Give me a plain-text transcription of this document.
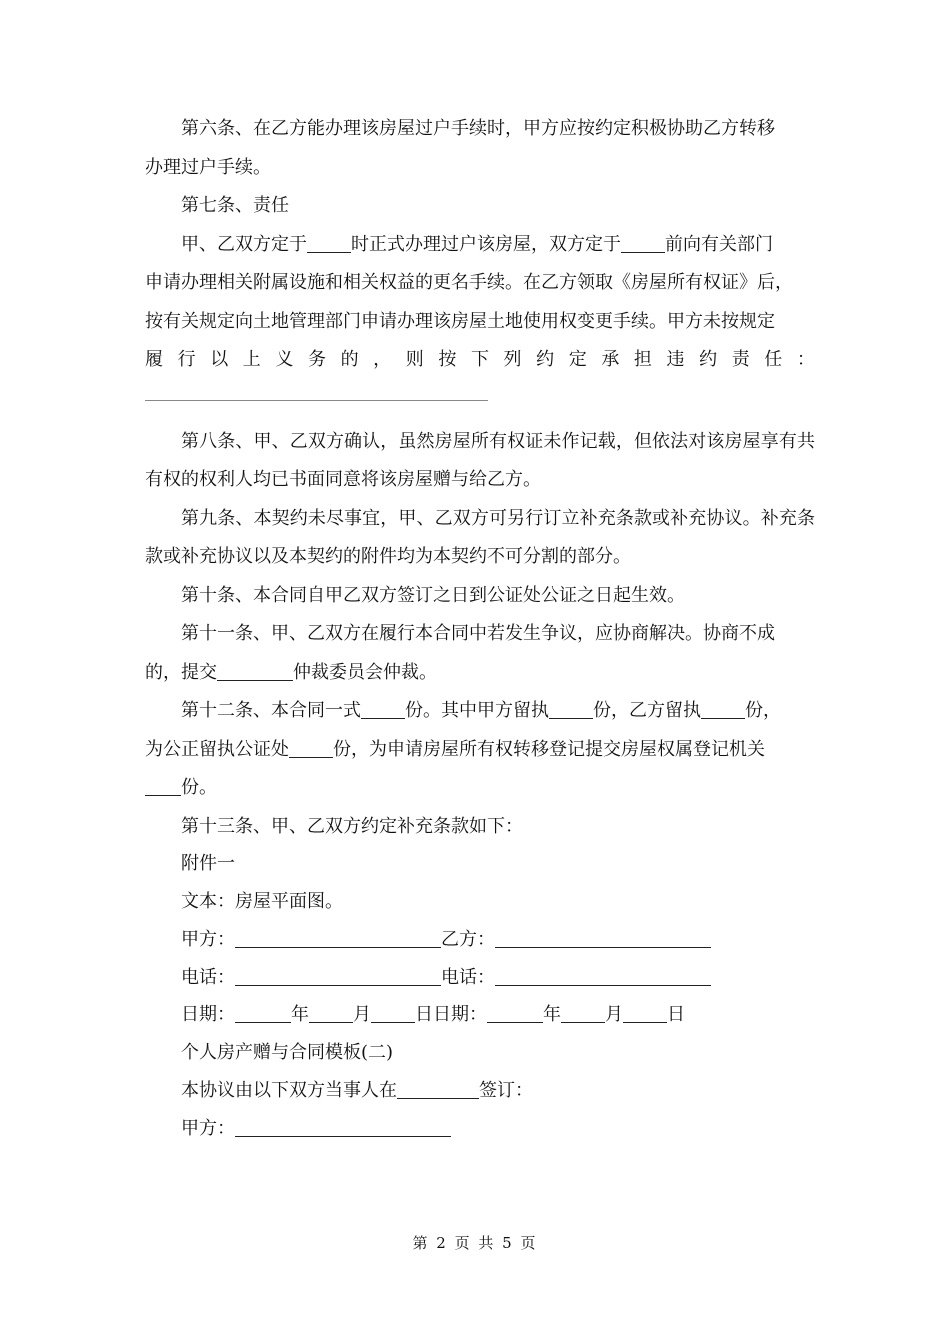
第六条、在乙方能办理该房屋过户手续时，甲方应按约定积极协助乙方转移

办理过户手续。

第七条、责任

甲、乙双方定于 时正式办理过户该房屋，双方定于 前向有关部门

申请办理相关附属设施和相关权益的更名手续。在乙方领取《房屋所有权证》后，

按有关规定向土地管理部门申请办理该房屋土地使用权变更手续。甲方未按规定

履 行 以 上 义 务 的 ， 则 按 下 列 约 定 承 担 违 约 责 任 ：

第八条、甲、乙双方确认，虽然房屋所有权证未作记载，但依法对该房屋享有共有权的权利人均已书面同意将该房屋赠与给乙方。

第九条、本契约未尽事宜，甲、乙双方可另行订立补充条款或补充协议。补充条款或补充协议以及本契约的附件均为本契约不可分割的部分。

第十条、本合同自甲乙双方签订之日到公证处公证之日起生效。

第十一条、甲、乙双方在履行本合同中若发生争议，应协商解决。协商不成

的，提交	仲裁委员会仲裁。

第十二条、本合同一式 份。其中甲方留执 份，乙方留执 份，

为公正留执公证处 份，为申请房屋所有权转移登记提交房屋权属登记机关

份。

第十三条、甲、乙双方约定补充条款如下：

附件一

文本：房屋平面图。

甲方：	乙方：

电话：	电话：

日期：	年 月 日日期：	年 月 日

个人房产赠与合同模板(二)

本协议由以下双方当事人在	签订：

甲方：

第 2 页 共 5 页
